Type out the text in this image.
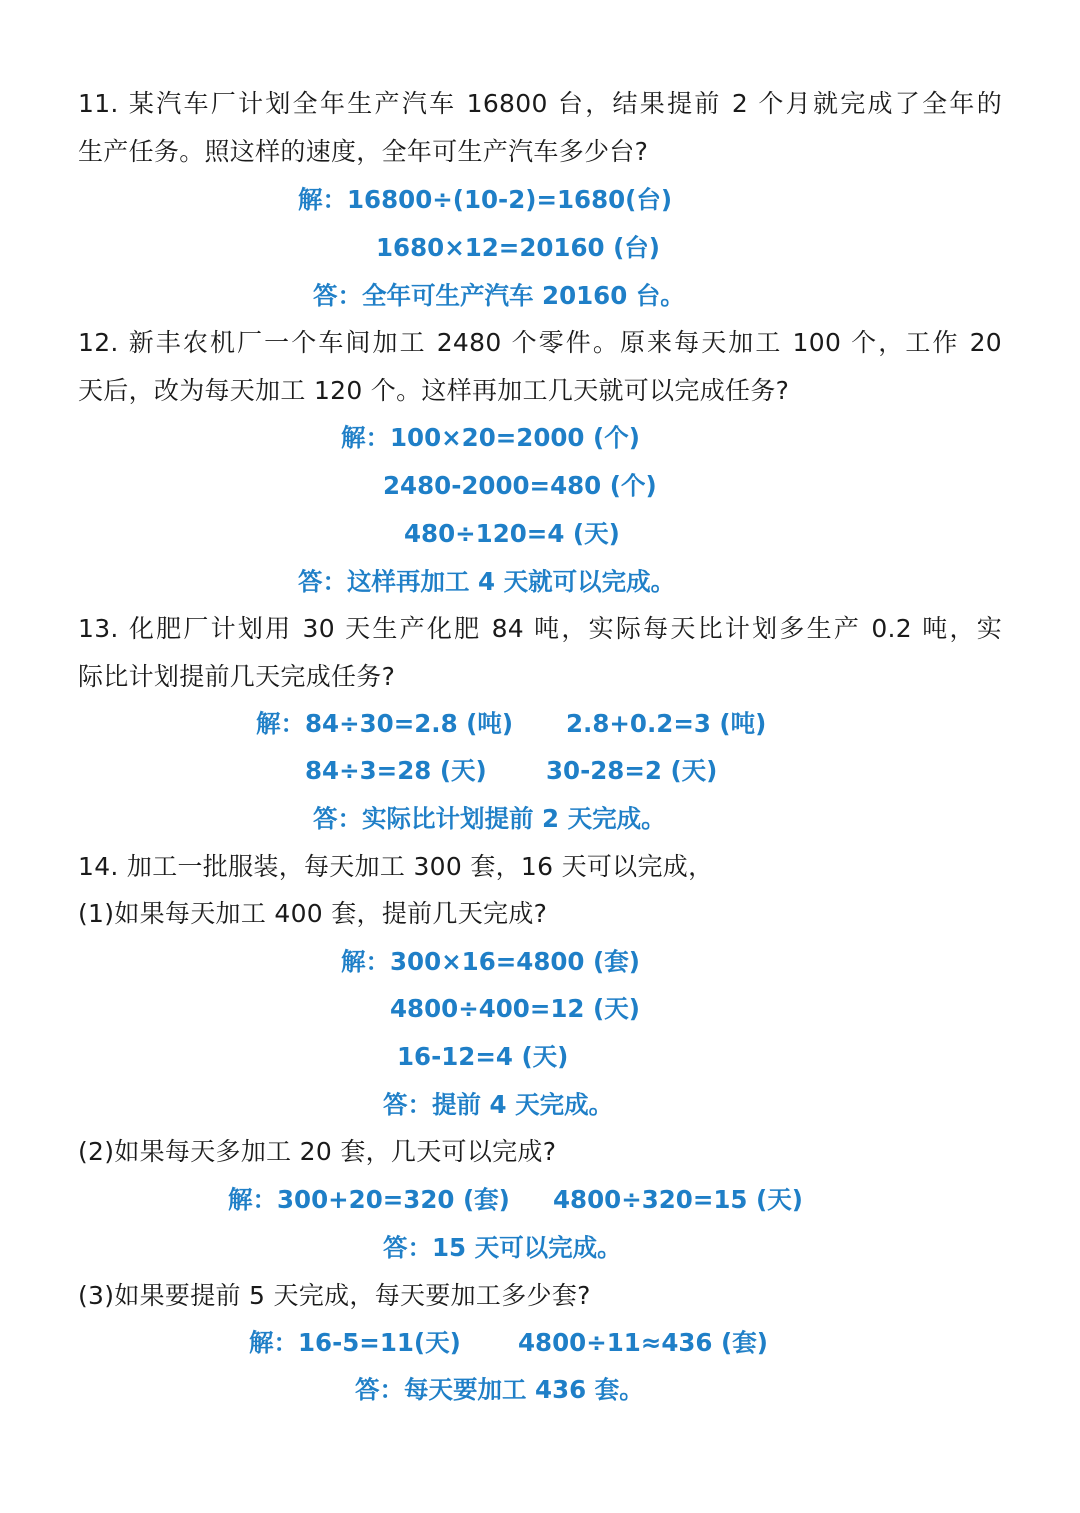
11. 某汽车厂计划全年生产汽车 16800 台，结果提前 2 个月就完成了全年的
生产任务。照这样的速度，全年可生产汽车多少台?
解：16800÷(10-2)=1680(台)
1680×12=20160 (台)
答：全年可生产汽车 20160 台。
12. 新丰农机厂一个车间加工 2480 个零件。原来每天加工 100 个，工作 20
天后，改为每天加工 120 个。这样再加工几天就可以完成任务?
解：100×20=2000 (个)
2480-2000=480 (个)
480÷120=4 (天)
答：这样再加工 4 天就可以完成。
13. 化肥厂计划用 30 天生产化肥 84 吨，实际每天比计划多生产 0.2 吨，实
际比计划提前几天完成任务?
解：84÷30=2.8 (吨) 2.8+0.2=3 (吨)
84÷3=28 (天) 30-28=2 (天)
答：实际比计划提前 2 天完成。
14. 加工一批服装，每天加工 300 套，16 天可以完成，
(1)如果每天加工 400 套，提前几天完成?
解：300×16=4800 (套)
4800÷400=12 (天)
16-12=4 (天)
答：提前 4 天完成。
(2)如果每天多加工 20 套，几天可以完成?
解：300+20=320 (套) 4800÷320=15 (天)
答：15 天可以完成。
(3)如果要提前 5 天完成，每天要加工多少套?
解：16-5=11(天) 4800÷11≈436 (套)
答：每天要加工 436 套。
